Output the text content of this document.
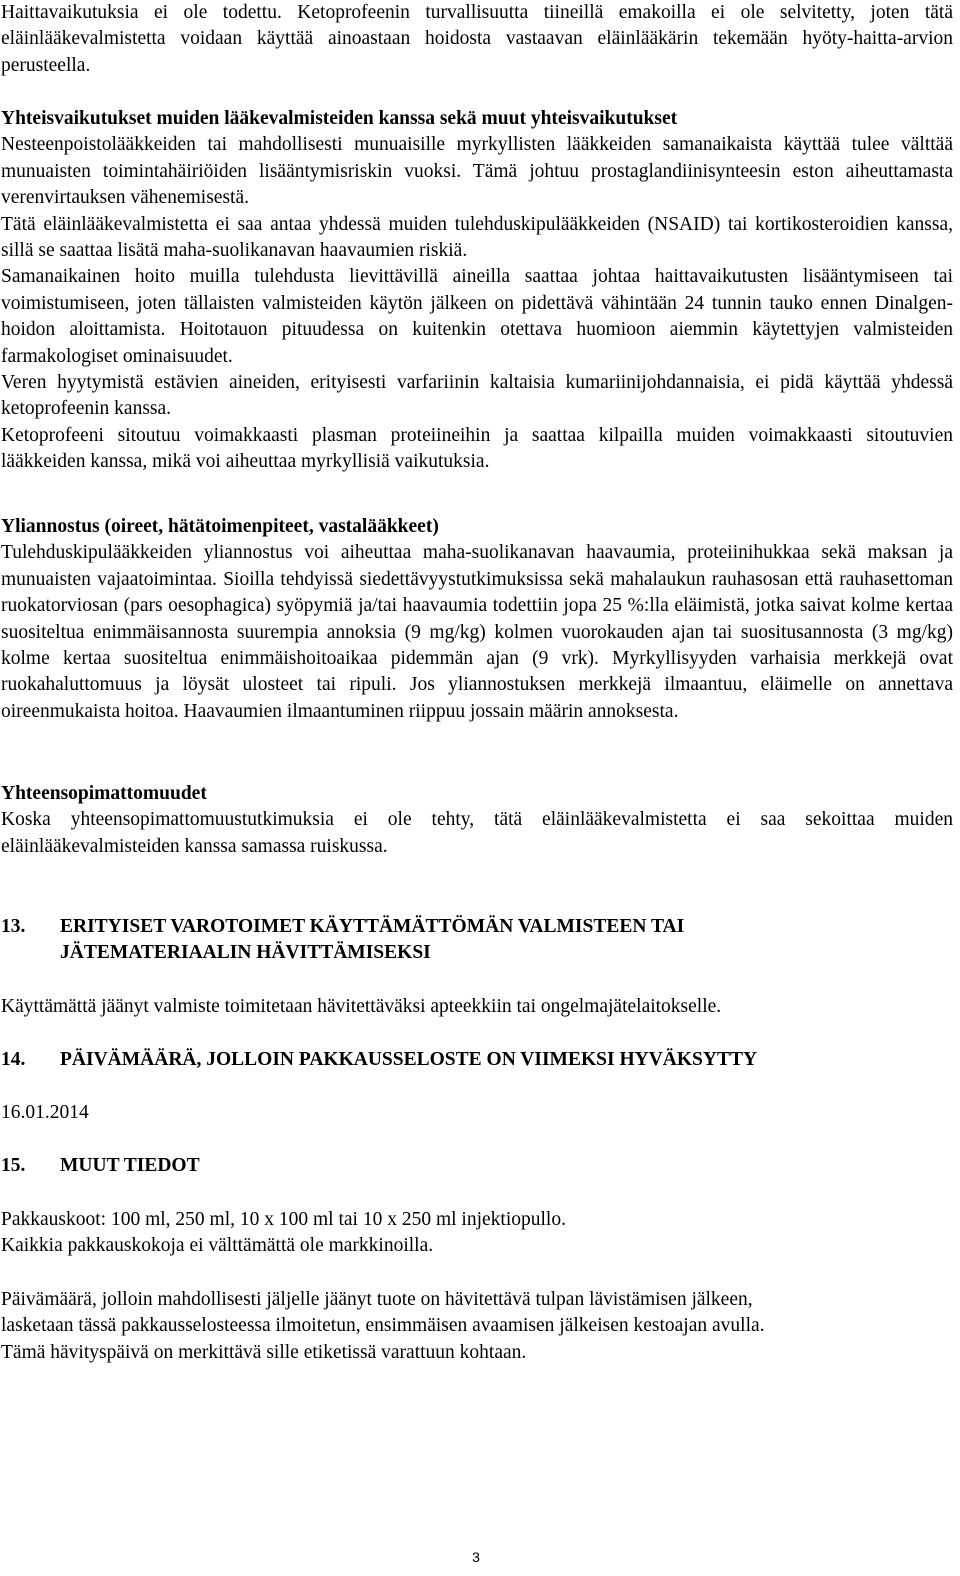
Haittavaikutuksia ei ole todettu. Ketoprofeenin turvallisuutta tiineillä emakoilla ei ole selvitetty, joten tätä eläinlääkevalmistetta voidaan käyttää ainoastaan hoidosta vastaavan eläinlääkärin tekemään hyöty-haitta-arvion perusteella.

Yhteisvaikutukset muiden lääkevalmisteiden kanssa sekä muut yhteisvaikutukset
Nesteenpoistolääkkeiden tai mahdollisesti munuaisille myrkyllisten lääkkeiden samanaikaista käyttää tulee välttää munuaisten toimintahäiriöiden lisääntymisriskin vuoksi. Tämä johtuu prostaglandiinisynteesin eston aiheuttamasta verenvirtauksen vähenemisestä.
Tätä eläinlääkevalmistetta ei saa antaa yhdessä muiden tulehduskipulääkkeiden (NSAID) tai kortikosteroidien kanssa, sillä se saattaa lisätä maha-suolikanavan haavaumien riskiä.
Samanaikainen hoito muilla tulehdusta lievittävillä aineilla saattaa johtaa haittavaikutusten lisääntymiseen tai voimistumiseen, joten tällaisten valmisteiden käytön jälkeen on pidettävä vähintään 24 tunnin tauko ennen Dinalgen-hoidon aloittamista. Hoitotauon pituudessa on kuitenkin otettava huomioon aiemmin käytettyjen valmisteiden farmakologiset ominaisuudet.
Veren hyytymistä estävien aineiden, erityisesti varfariinin kaltaisia kumariinijohdannaisia, ei pidä käyttää yhdessä ketoprofeenin kanssa.
Ketoprofeeni sitoutuu voimakkaasti plasman proteiineihin ja saattaa kilpailla muiden voimakkaasti sitoutuvien lääkkeiden kanssa, mikä voi aiheuttaa myrkyllisiä vaikutuksia.
Yliannostus (oireet, hätätoimenpiteet, vastalääkkeet)
Tulehduskipulääkkeiden yliannostus voi aiheuttaa maha-suolikanavan haavaumia, proteiinihukkaa sekä maksan ja munuaisten vajaatoimintaa. Sioilla tehdyissä siedettävyystutkimuksissa sekä mahalaukun rauhasosan että rauhasettoman ruokatorviosan (pars oesophagica) syöpymiä ja/tai haavaumia todettiin jopa 25 %:lla eläimistä, jotka saivat kolme kertaa suositeltua enimmäisannosta suurempia annoksia (9 mg/kg) kolmen vuorokauden ajan tai suositusannosta (3 mg/kg) kolme kertaa suositeltua enimmäishoitoaikaa pidemmän ajan (9 vrk). Myrkyllisyyden varhaisia merkkejä ovat ruokahaluttomuus ja löysät ulosteet tai ripuli. Jos yliannostuksen merkkejä ilmaantuu, eläimelle on annettava oireenmukaista hoitoa. Haavaumien ilmaantuminen riippuu jossain määrin annoksesta.
Yhteensopimattomuudet
Koska yhteensopimattomuustutkimuksia ei ole tehty, tätä eläinlääkevalmistetta ei saa sekoittaa muiden eläinlääkevalmisteiden kanssa samassa ruiskussa.
13. ERITYISET VAROTOIMET KÄYTTÄMÄTTÖMÄN VALMISTEEN TAI
JÄTEMATERIAALIN HÄVITTÄMISEKSI

Käyttämättä jäänyt valmiste toimitetaan hävitettäväksi apteekkiin tai ongelmajätelaitokselle.

14. PÄIVÄMÄÄRÄ, JOLLOIN PAKKAUSSELOSTE ON VIIMEKSI HYVÄKSYTTY

16.01.2014

15. MUUT TIEDOT
Pakkauskoot: 100 ml, 250 ml, 10 x 100 ml tai 10 x 250 ml injektiopullo.
Kaikkia pakkauskokoja ei välttämättä ole markkinoilla.
Päivämäärä, jolloin mahdollisesti jäljelle jäänyt tuote on hävitettävä tulpan lävistämisen jälkeen,
lasketaan tässä pakkausselosteessa ilmoitetun, ensimmäisen avaamisen jälkeisen kestoajan avulla.
Tämä hävityspäivä on merkittävä sille etiketissä varattuun kohtaan.
3
